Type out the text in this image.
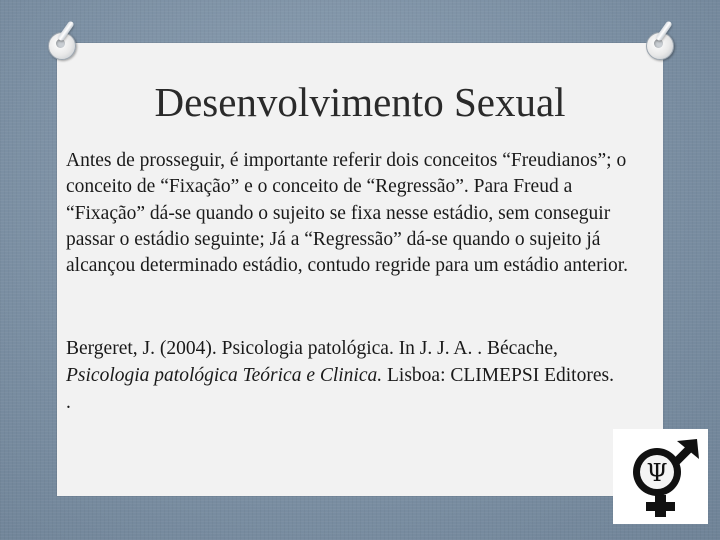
Desenvolvimento Sexual

Antes de prosseguir, é importante referir dois conceitos “Freudianos”; o conceito de “Fixação” e o conceito de “Regressão”. Para Freud a “Fixação” dá-se quando o sujeito se fixa nesse estádio, sem conseguir passar o estádio seguinte; Já a “Regressão” dá-se quando o sujeito já alcançou determinado estádio, contudo regride para um estádio anterior.

Bergeret, J. (2004). Psicologia patológica. In J. J. A. . Bécache,
Psicologia patológica Teórica e Clinica. Lisboa: CLIMEPSI Editores.
.

Ψ
